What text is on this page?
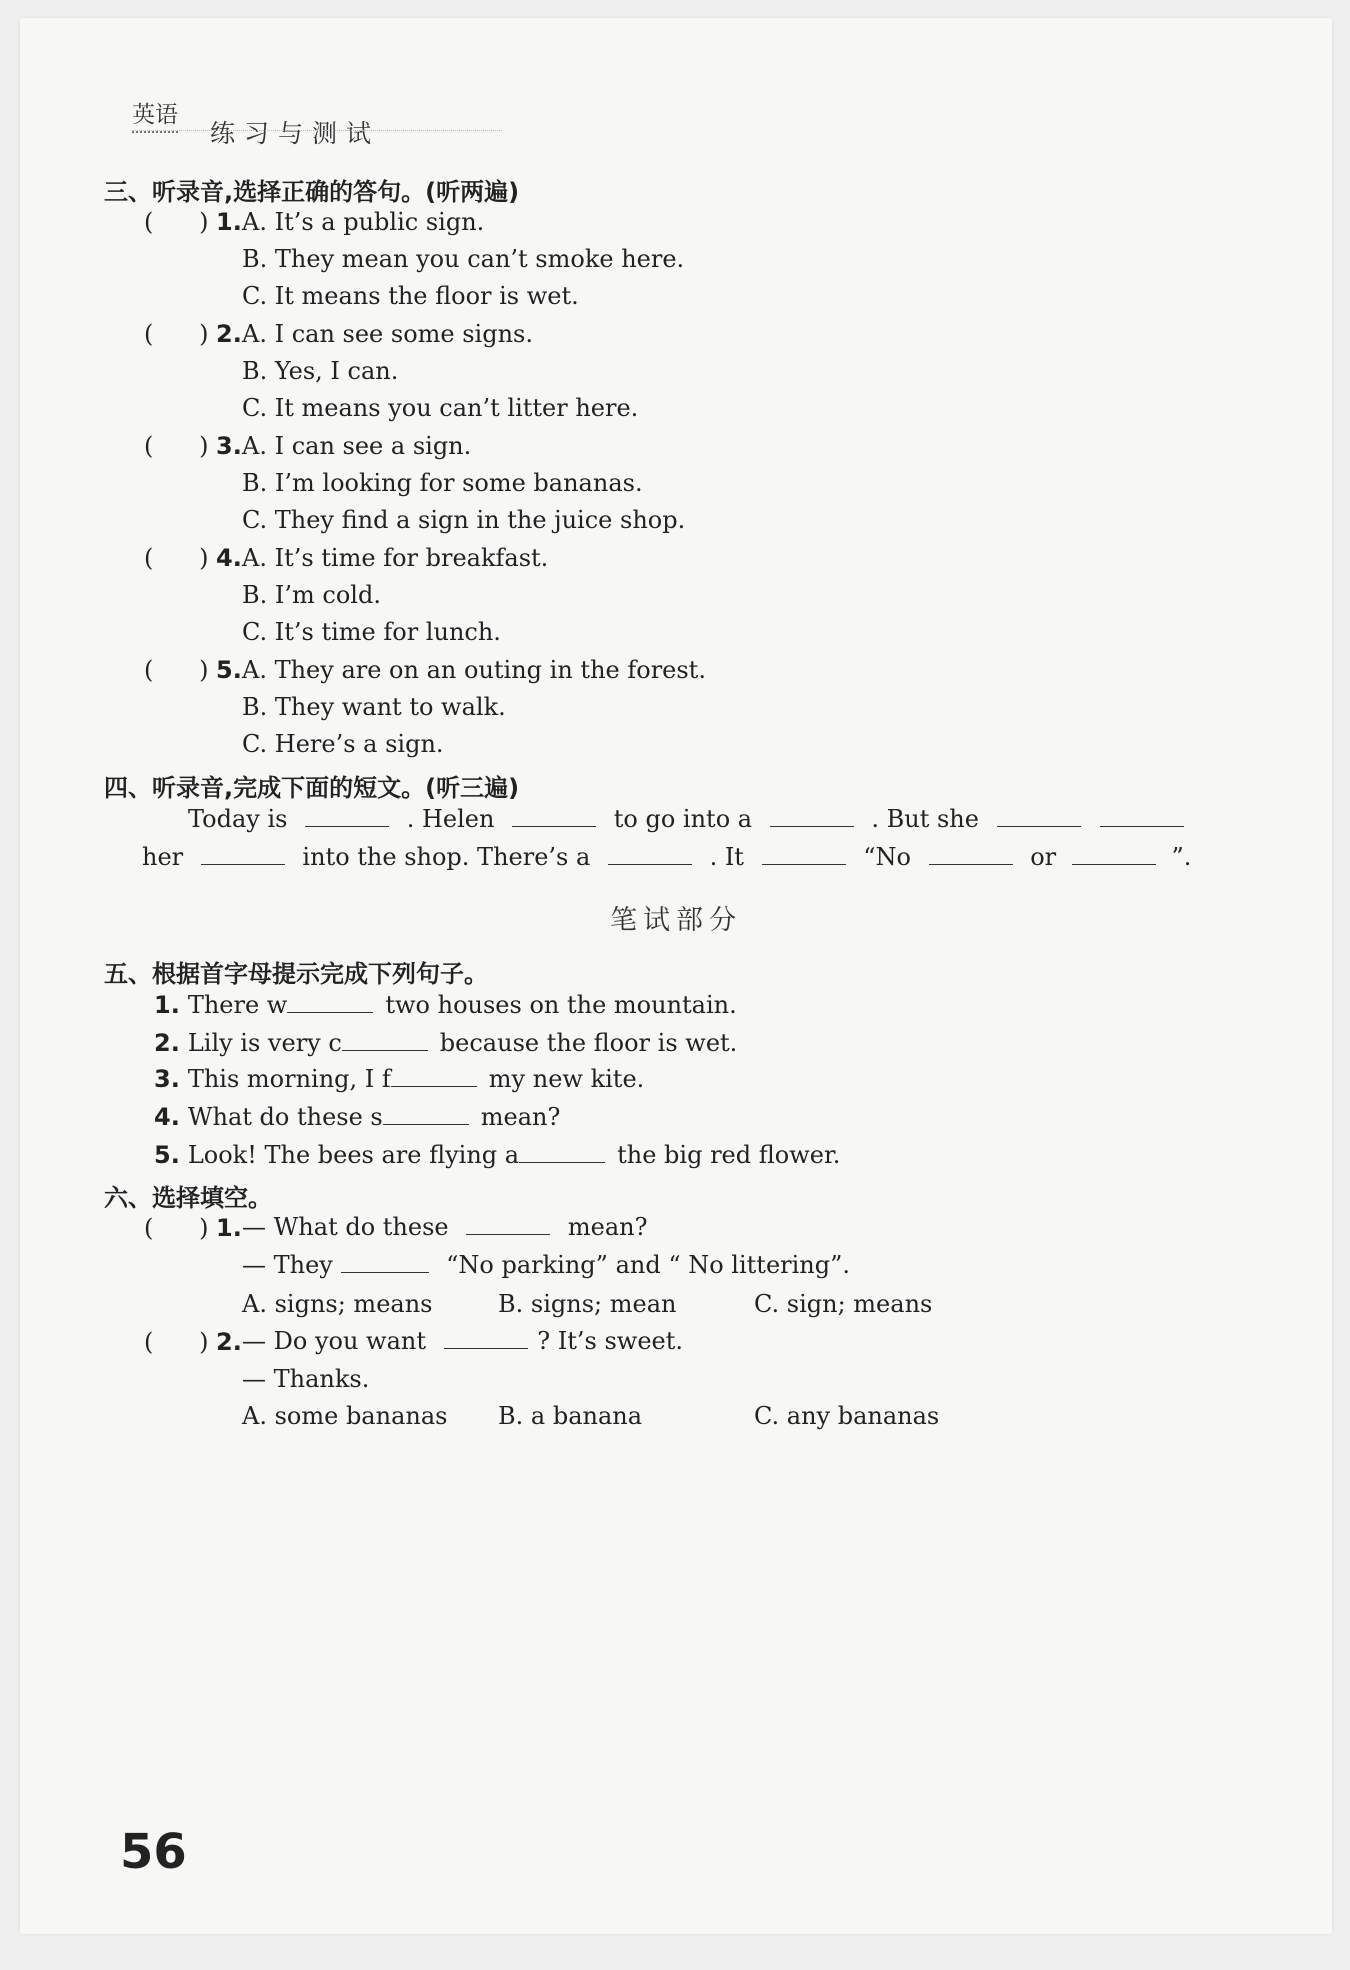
英语
练习与测试
三、听录音,选择正确的答句。(听两遍)
(      ) 1. A. It’s a public sign.
B. They mean you can’t smoke here.
C. It means the floor is wet.
(      ) 2. A. I can see some signs.
B. Yes, I can.
C. It means you can’t litter here.
(      ) 3. A. I can see a sign.
B. I’m looking for some bananas.
C. They find a sign in the juice shop.
(      ) 4. A. It’s time for breakfast.
B. I’m cold.
C. It’s time for lunch.
(      ) 5. A. They are on an outing in the forest.
B. They want to walk.
C. Here’s a sign.
四、听录音,完成下面的短文。(听三遍)
Today is	. Helen	to go into a	. But she
her	into the shop. There’s a	. It	“No	or	”.
笔试部分
五、根据首字母提示完成下列句子。
1. There w	two houses on the mountain.
2. Lily is very c	because the floor is wet.
3. This morning, I f	my new kite.
4. What do these s	mean?
5. Look! The bees are flying a	the big red flower.
六、选择填空。
(      ) 1. — What do these	mean?
— They	“No parking” and “ No littering”.
A. signs; means	B. signs; mean	C. sign; means
(      ) 2. — Do you want	? It’s sweet.
— Thanks.
A. some bananas B. a banana	C. any bananas
56
